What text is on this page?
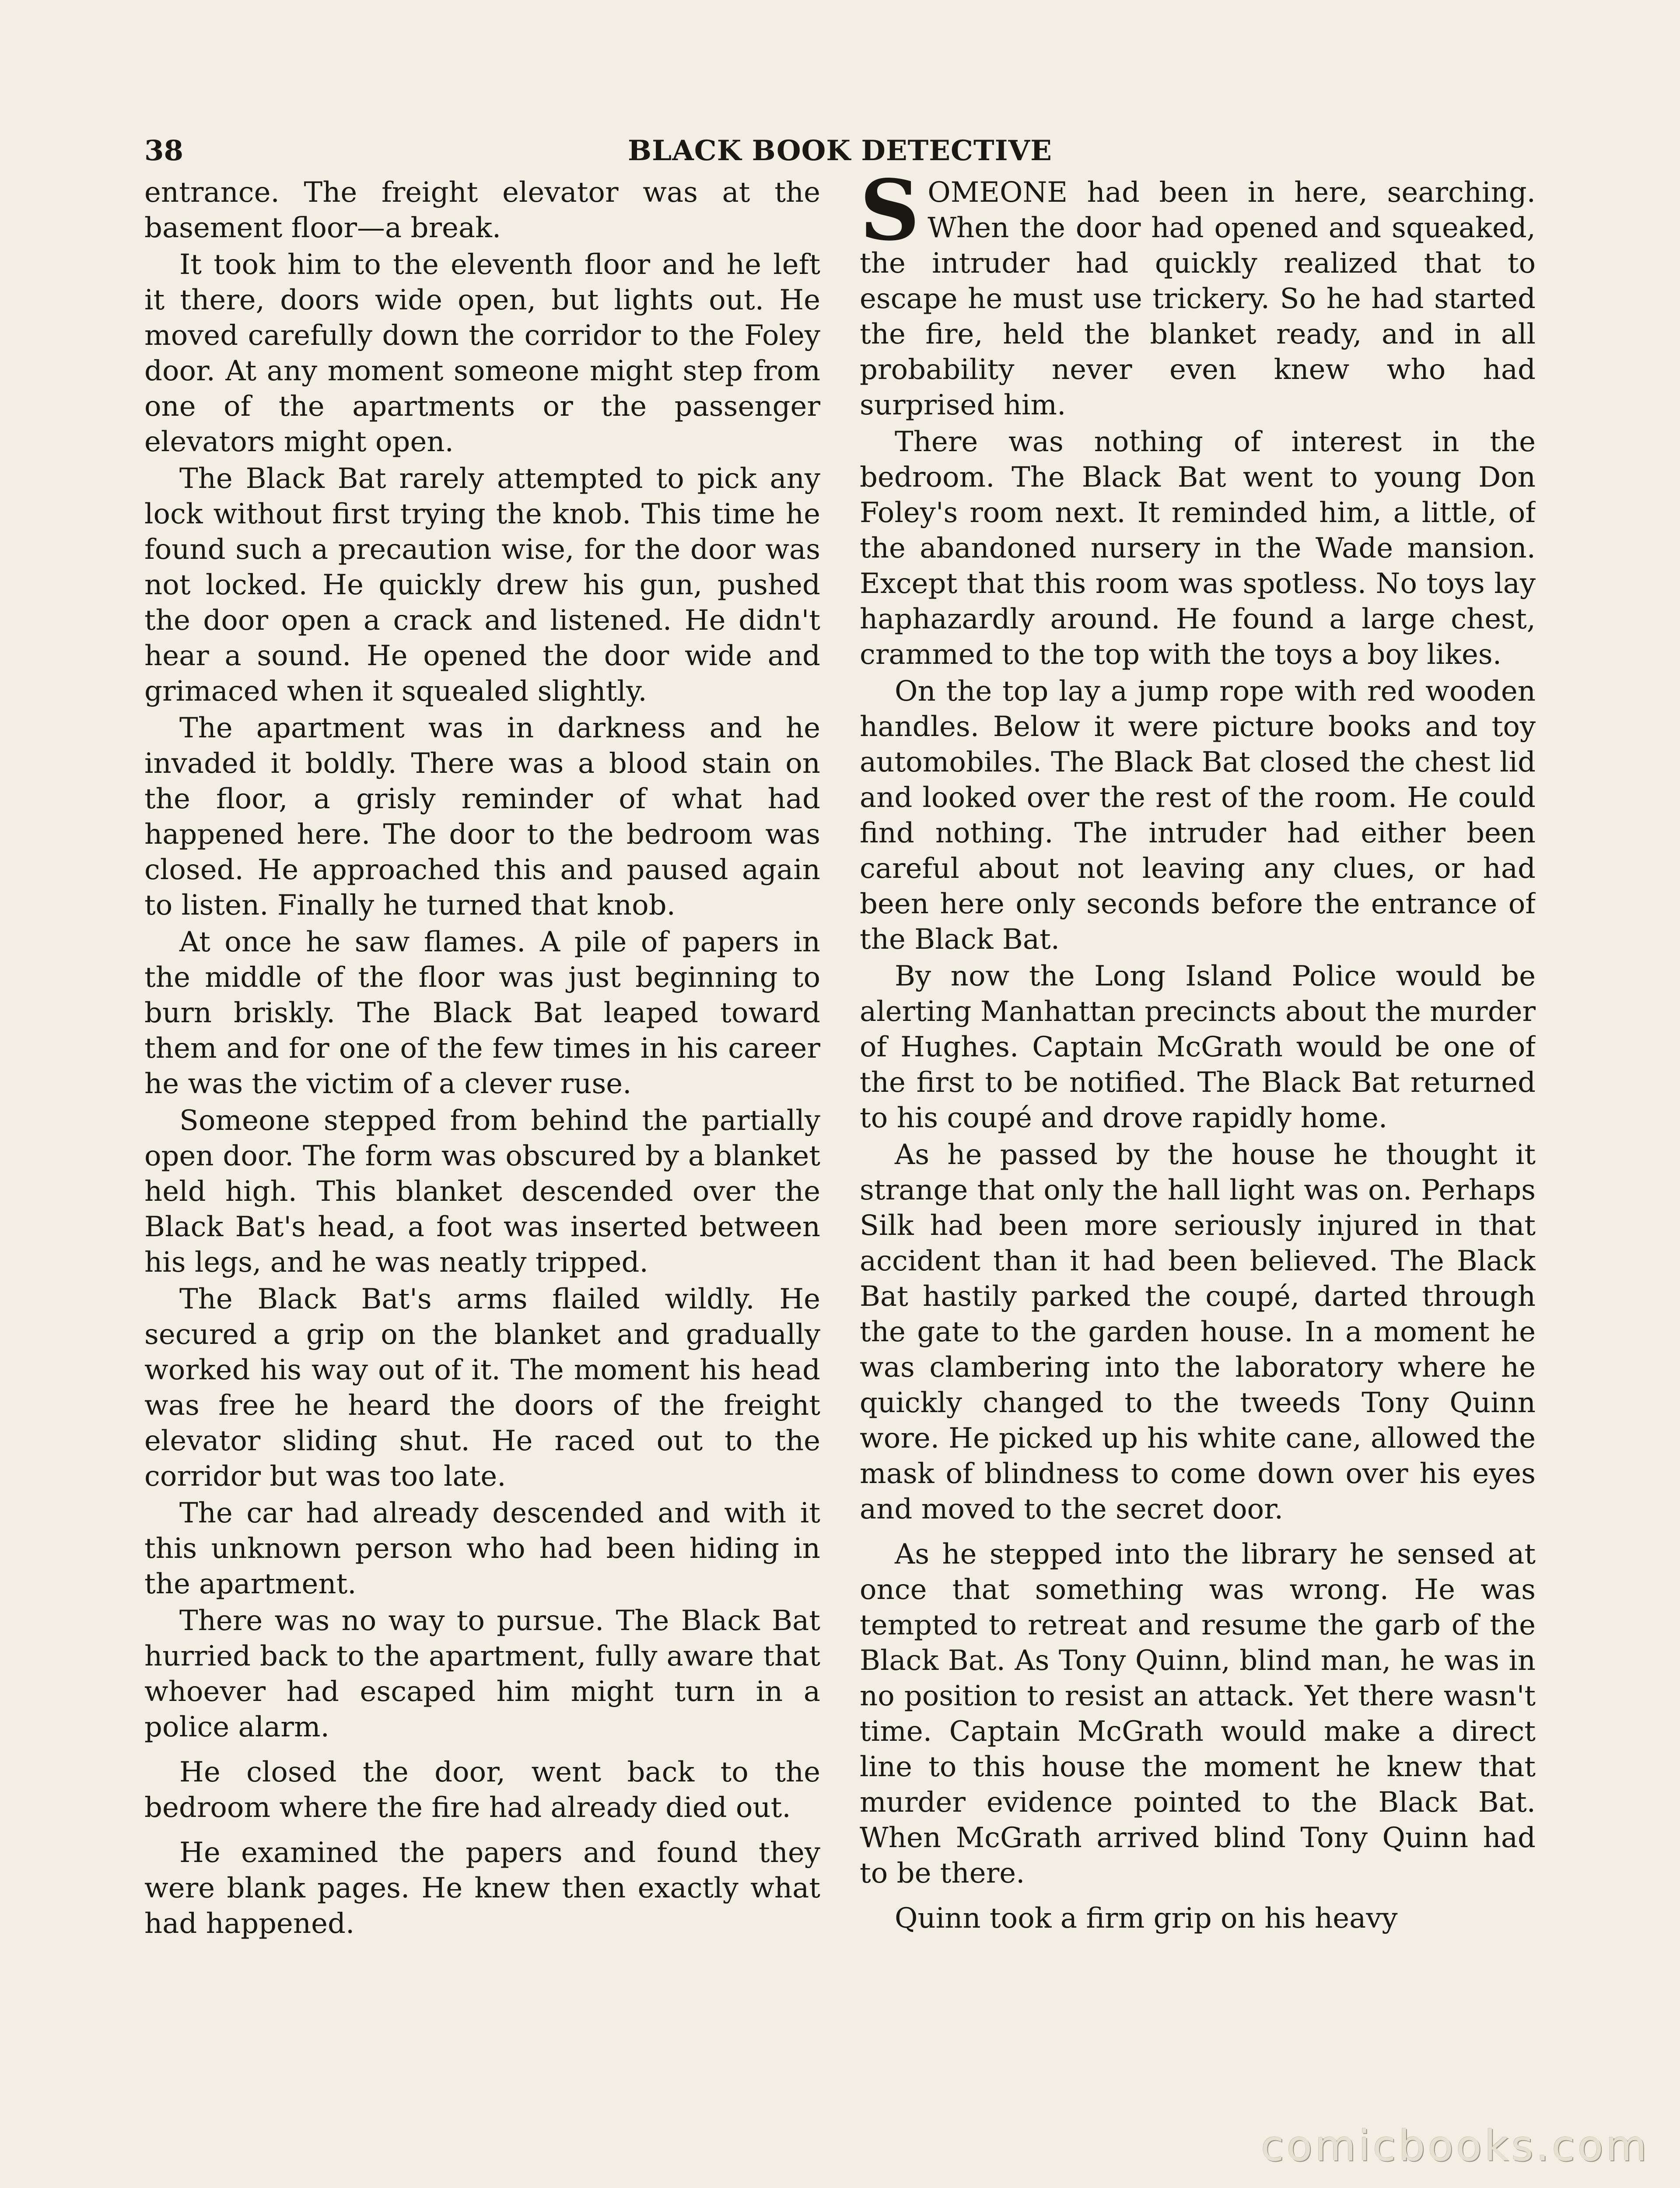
38	BLACK BOOK DETECTIVE

entrance. The freight elevator was at the basement floor—a break.

It took him to the eleventh floor and he left it there, doors wide open, but lights out. He moved carefully down the corridor to the Foley door. At any moment someone might step from one of the apartments or the passenger elevators might open.

The Black Bat rarely attempted to pick any lock without first trying the knob. This time he found such a precaution wise, for the door was not locked. He quickly drew his gun, pushed the door open a crack and listened. He didn't hear a sound. He opened the door wide and grimaced when it squealed slightly.

The apartment was in darkness and he invaded it boldly. There was a blood stain on the floor, a grisly reminder of what had happened here. The door to the bedroom was closed. He approached this and paused again to listen. Finally he turned that knob.

At once he saw flames. A pile of papers in the middle of the floor was just beginning to burn briskly. The Black Bat leaped toward them and for one of the few times in his career he was the victim of a clever ruse.

Someone stepped from behind the partially open door. The form was obscured by a blanket held high. This blanket descended over the Black Bat's head, a foot was inserted between his legs, and he was neatly tripped.

The Black Bat's arms flailed wildly. He secured a grip on the blanket and gradually worked his way out of it. The moment his head was free he heard the doors of the freight elevator sliding shut. He raced out to the corridor but was too late.

The car had already descended and with it this unknown person who had been hiding in the apartment.

There was no way to pursue. The Black Bat hurried back to the apartment, fully aware that whoever had escaped him might turn in a police alarm.

He closed the door, went back to the bedroom where the fire had already died out.

He examined the papers and found they were blank pages. He knew then exactly what had happened.

SOMEONE had been in here, searching. When the door had opened and squeaked, the intruder had quickly realized that to escape he must use trickery. So he had started the fire, held the blanket ready, and in all probability never even knew who had surprised him.

There was nothing of interest in the bedroom. The Black Bat went to young Don Foley's room next. It reminded him, a little, of the abandoned nursery in the Wade mansion. Except that this room was spotless. No toys lay haphazardly around. He found a large chest, crammed to the top with the toys a boy likes.

On the top lay a jump rope with red wooden handles. Below it were picture books and toy automobiles. The Black Bat closed the chest lid and looked over the rest of the room. He could find nothing. The intruder had either been careful about not leaving any clues, or had been here only seconds before the entrance of the Black Bat.

By now the Long Island Police would be alerting Manhattan precincts about the murder of Hughes. Captain McGrath would be one of the first to be notified. The Black Bat returned to his coupé and drove rapidly home.

As he passed by the house he thought it strange that only the hall light was on. Perhaps Silk had been more seriously injured in that accident than it had been believed. The Black Bat hastily parked the coupé, darted through the gate to the garden house. In a moment he was clambering into the laboratory where he quickly changed to the tweeds Tony Quinn wore. He picked up his white cane, allowed the mask of blindness to come down over his eyes and moved to the secret door.

As he stepped into the library he sensed at once that something was wrong. He was tempted to retreat and resume the garb of the Black Bat. As Tony Quinn, blind man, he was in no position to resist an attack. Yet there wasn't time. Captain McGrath would make a direct line to this house the moment he knew that murder evidence pointed to the Black Bat. When McGrath arrived blind Tony Quinn had to be there.

Quinn took a firm grip on his heavy

comicbooks.com
